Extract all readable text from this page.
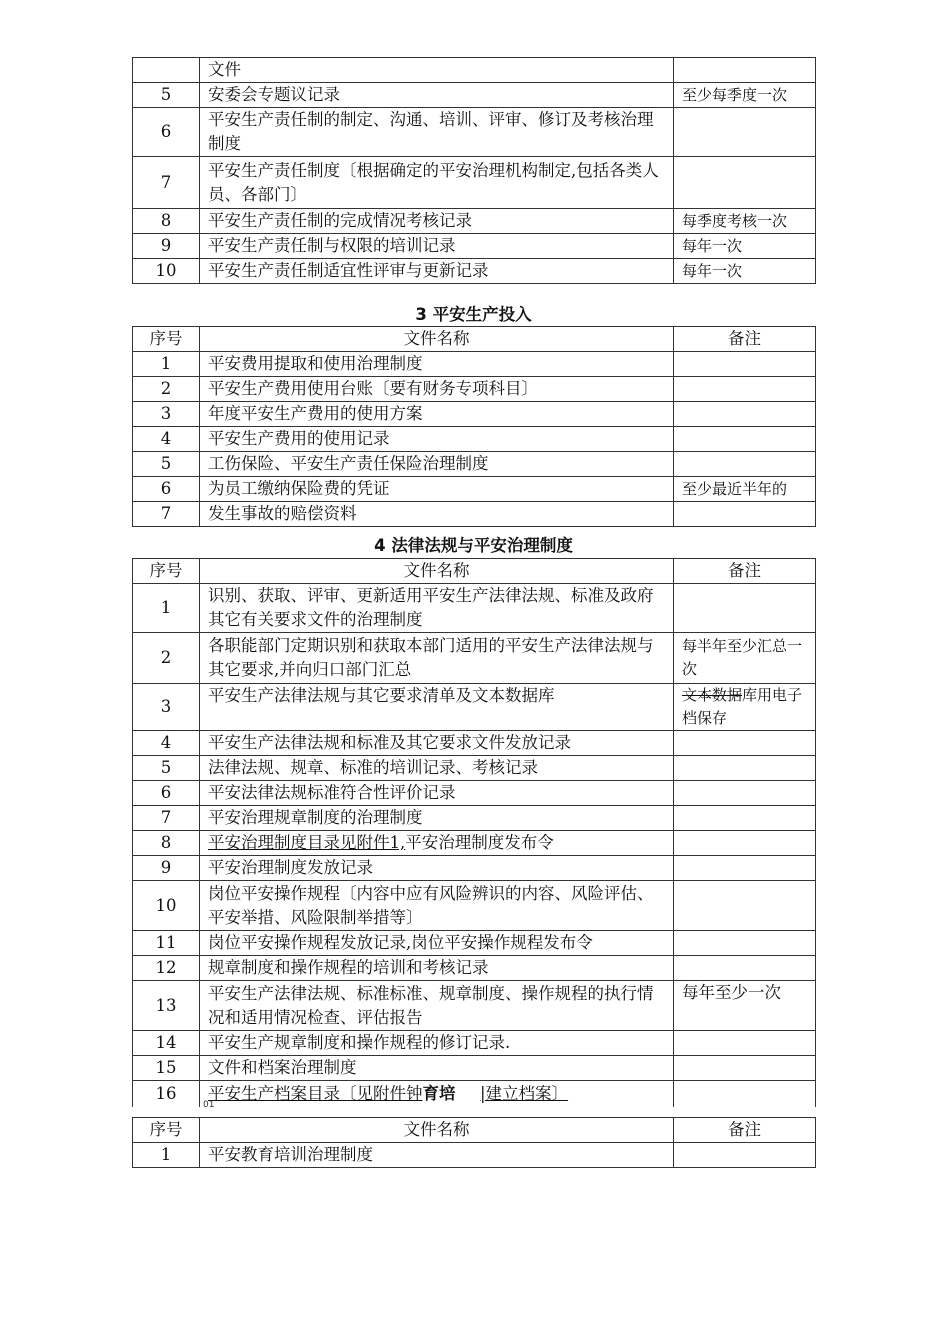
	文件	
5	安委会专题议记录	至少每季度一次
6	平安生产责任制的制定、沟通、培训、评审、修订及考核治理制度	
7	平安生产责任制度〔根据确定的平安治理机构制定,包括各类人员、各部门〕	
8	平安生产责任制的完成情况考核记录	每季度考核一次
9	平安生产责任制与权限的培训记录	每年一次
10	平安生产责任制适宜性评审与更新记录	每年一次
3 平安生产投入
序号	文件名称	备注
1	平安费用提取和使用治理制度	
2	平安生产费用使用台账〔要有财务专项科目〕	
3	年度平安生产费用的使用方案	
4	平安生产费用的使用记录	
5	工伤保险、平安生产责任保险治理制度	
6	为员工缴纳保险费的凭证	至少最近半年的
7	发生事故的赔偿资料	
4 法律法规与平安治理制度
序号	文件名称	备注
1	识别、获取、评审、更新适用平安生产法律法规、标准及政府其它有关要求文件的治理制度	
2	各职能部门定期识别和获取本部门适用的平安生产法律法规与其它要求,并向归口部门汇总	每半年至少汇总一次
3	平安生产法律法规与其它要求清单及文本数据库	文本数据库用电子档保存
4	平安生产法律法规和标准及其它要求文件发放记录	
5	法律法规、规章、标准的培训记录、考核记录	
6	平安法律法规标准符合性评价记录	
7	平安治理规章制度的治理制度	
8	平安治理制度目录见附件1,平安治理制度发布令	
9	平安治理制度发放记录	
10	岗位平安操作规程〔内容中应有风险辨识的内容、风险评估、平安举措、风险限制举措等〕	
11	岗位平安操作规程发放记录,岗位平安操作规程发布令	
12	规章制度和操作规程的培训和考核记录	
13	平安生产法律法规、标准标准、规章制度、操作规程的执行情况和适用情况检查、评估报告	每年至少一次
14	平安生产规章制度和操作规程的修订记录.	
15	文件和档案治理制度	
16	平安生产档案目录〔见附件钟育培 |建立档案〕	
01
序号	文件名称	备注
1	平安教育培训治理制度	
